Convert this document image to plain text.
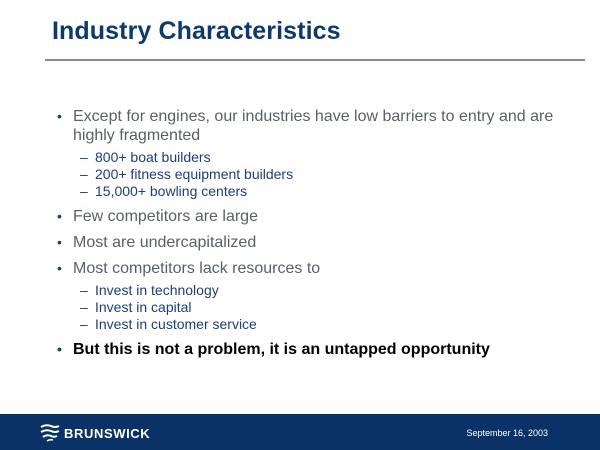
Industry Characteristics
• Except for engines, our industries have low barriers to entry and are highly fragmented
– 800+ boat builders
– 200+ fitness equipment builders
– 15,000+ bowling centers
• Few competitors are large
• Most are undercapitalized
• Most competitors lack resources to
– Invest in technology
– Invest in capital
– Invest in customer service
• But this is not a problem, it is an untapped opportunity
BRUNSWICK	September 16, 2003
